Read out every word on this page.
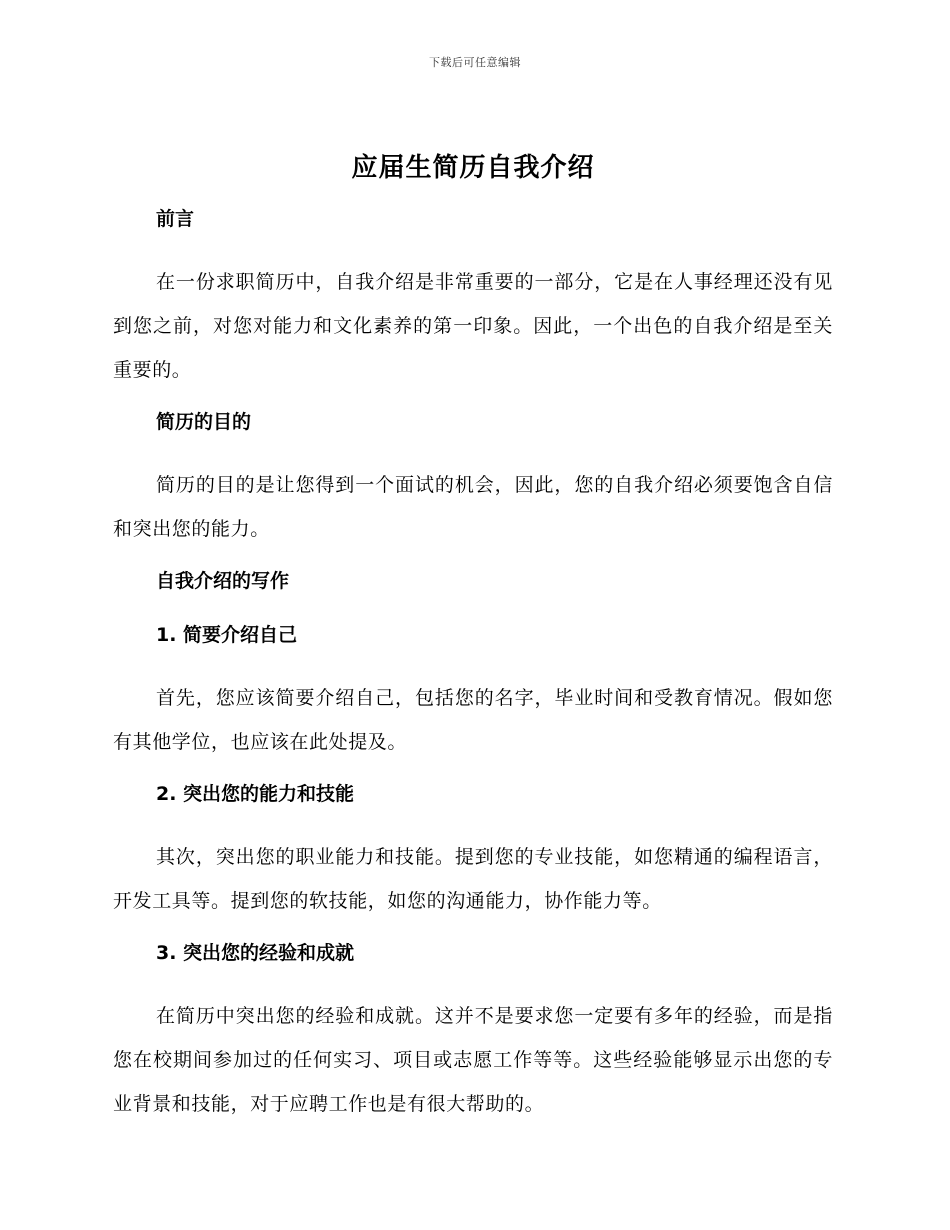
下载后可任意编辑
应届生简历自我介绍
前言
在一份求职简历中，自我介绍是非常重要的一部分，它是在人事经理还没有见到您之前，对您对能力和文化素养的第一印象。因此，一个出色的自我介绍是至关重要的。
简历的目的
简历的目的是让您得到一个面试的机会，因此，您的自我介绍必须要饱含自信和突出您的能力。
自我介绍的写作
1. 简要介绍自己
首先，您应该简要介绍自己，包括您的名字，毕业时间和受教育情况。假如您有其他学位，也应该在此处提及。
2. 突出您的能力和技能
其次，突出您的职业能力和技能。提到您的专业技能，如您精通的编程语言，开发工具等。提到您的软技能，如您的沟通能力，协作能力等。
3. 突出您的经验和成就
在简历中突出您的经验和成就。这并不是要求您一定要有多年的经验，而是指您在校期间参加过的任何实习、项目或志愿工作等等。这些经验能够显示出您的专业背景和技能，对于应聘工作也是有很大帮助的。
